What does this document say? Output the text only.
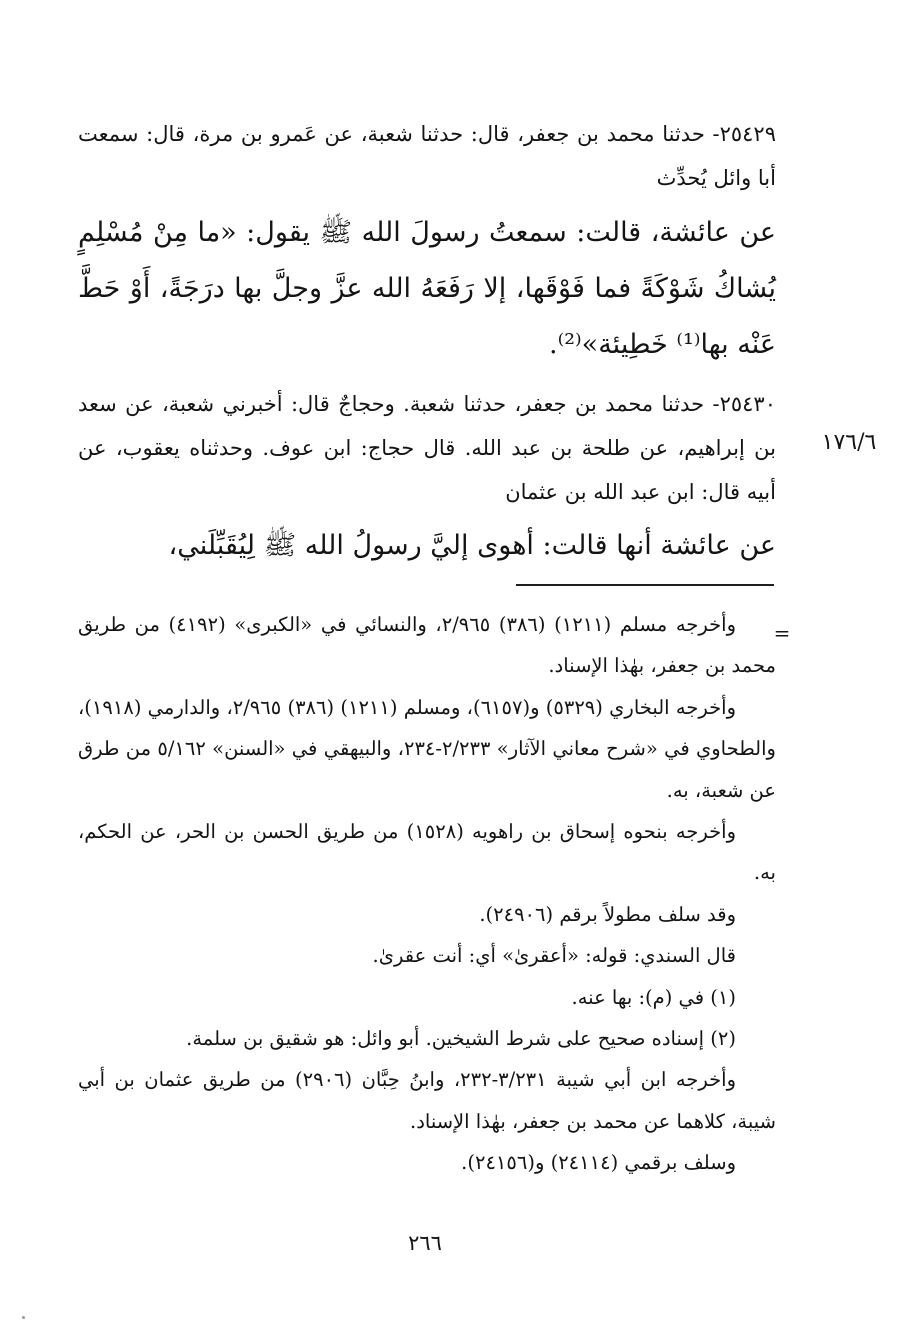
٢٥٤٢٩- حدثنا محمد بن جعفر، قال: حدثنا شعبة، عن عَمرو بن مرة، قال: سمعت أبا وائل يُحدِّث

عن عائشة، قالت: سمعتُ رسولَ الله ﷺ يقول: «ما مِنْ مُسْلِمٍ يُشاكُ شَوْكَةً فما فَوْقَها، إلا رَفَعَهُ الله عزَّ وجلَّ بها درَجَةً، أَوْ حَطَّ عَنْه بها⁽¹⁾ خَطِيئة»⁽²⁾.

٢٥٤٣٠- حدثنا محمد بن جعفر، حدثنا شعبة. وحجاجٌ قال: أخبرني شعبة، عن سعد بن إبراهيم، عن طلحة بن عبد الله. قال حجاج: ابن عوف. وحدثناه يعقوب، عن أبيه قال: ابن عبد الله بن عثمان

١٧٦/٦

عن عائشة أنها قالت: أهوى إليَّ رسولُ الله ﷺ لِيُقَبِّلَني،

=

وأخرجه مسلم (١٢١١) (٣٨٦) ٢/٩٦٥، والنسائي في «الكبرى» (٤١٩٢) من طريق محمد بن جعفر، بهٰذا الإسناد.

وأخرجه البخاري (٥٣٢٩) و(٦١٥٧)، ومسلم (١٢١١) (٣٨٦) ٢/٩٦٥، والدارمي (١٩١٨)، والطحاوي في «شرح معاني الآثار» ٢/٢٣٣-٢٣٤، والبيهقي في «السنن» ٥/١٦٢ من طرق عن شعبة، به.

وأخرجه بنحوه إسحاق بن راهويه (١٥٢٨) من طريق الحسن بن الحر، عن الحكم، به.

وقد سلف مطولاً برقم (٢٤٩٠٦).

قال السندي: قوله: «أعقرىٰ» أي: أنت عقرىٰ.

(١) في (م): بها عنه.

(٢) إسناده صحيح على شرط الشيخين. أبو وائل: هو شقيق بن سلمة.

وأخرجه ابن أبي شيبة ٣/٢٣١-٢٣٢، وابنُ حِبَّان (٢٩٠٦) من طريق عثمان بن أبي شيبة، كلاهما عن محمد بن جعفر، بهٰذا الإسناد.

وسلف برقمي (٢٤١١٤) و(٢٤١٥٦).

٢٦٦
